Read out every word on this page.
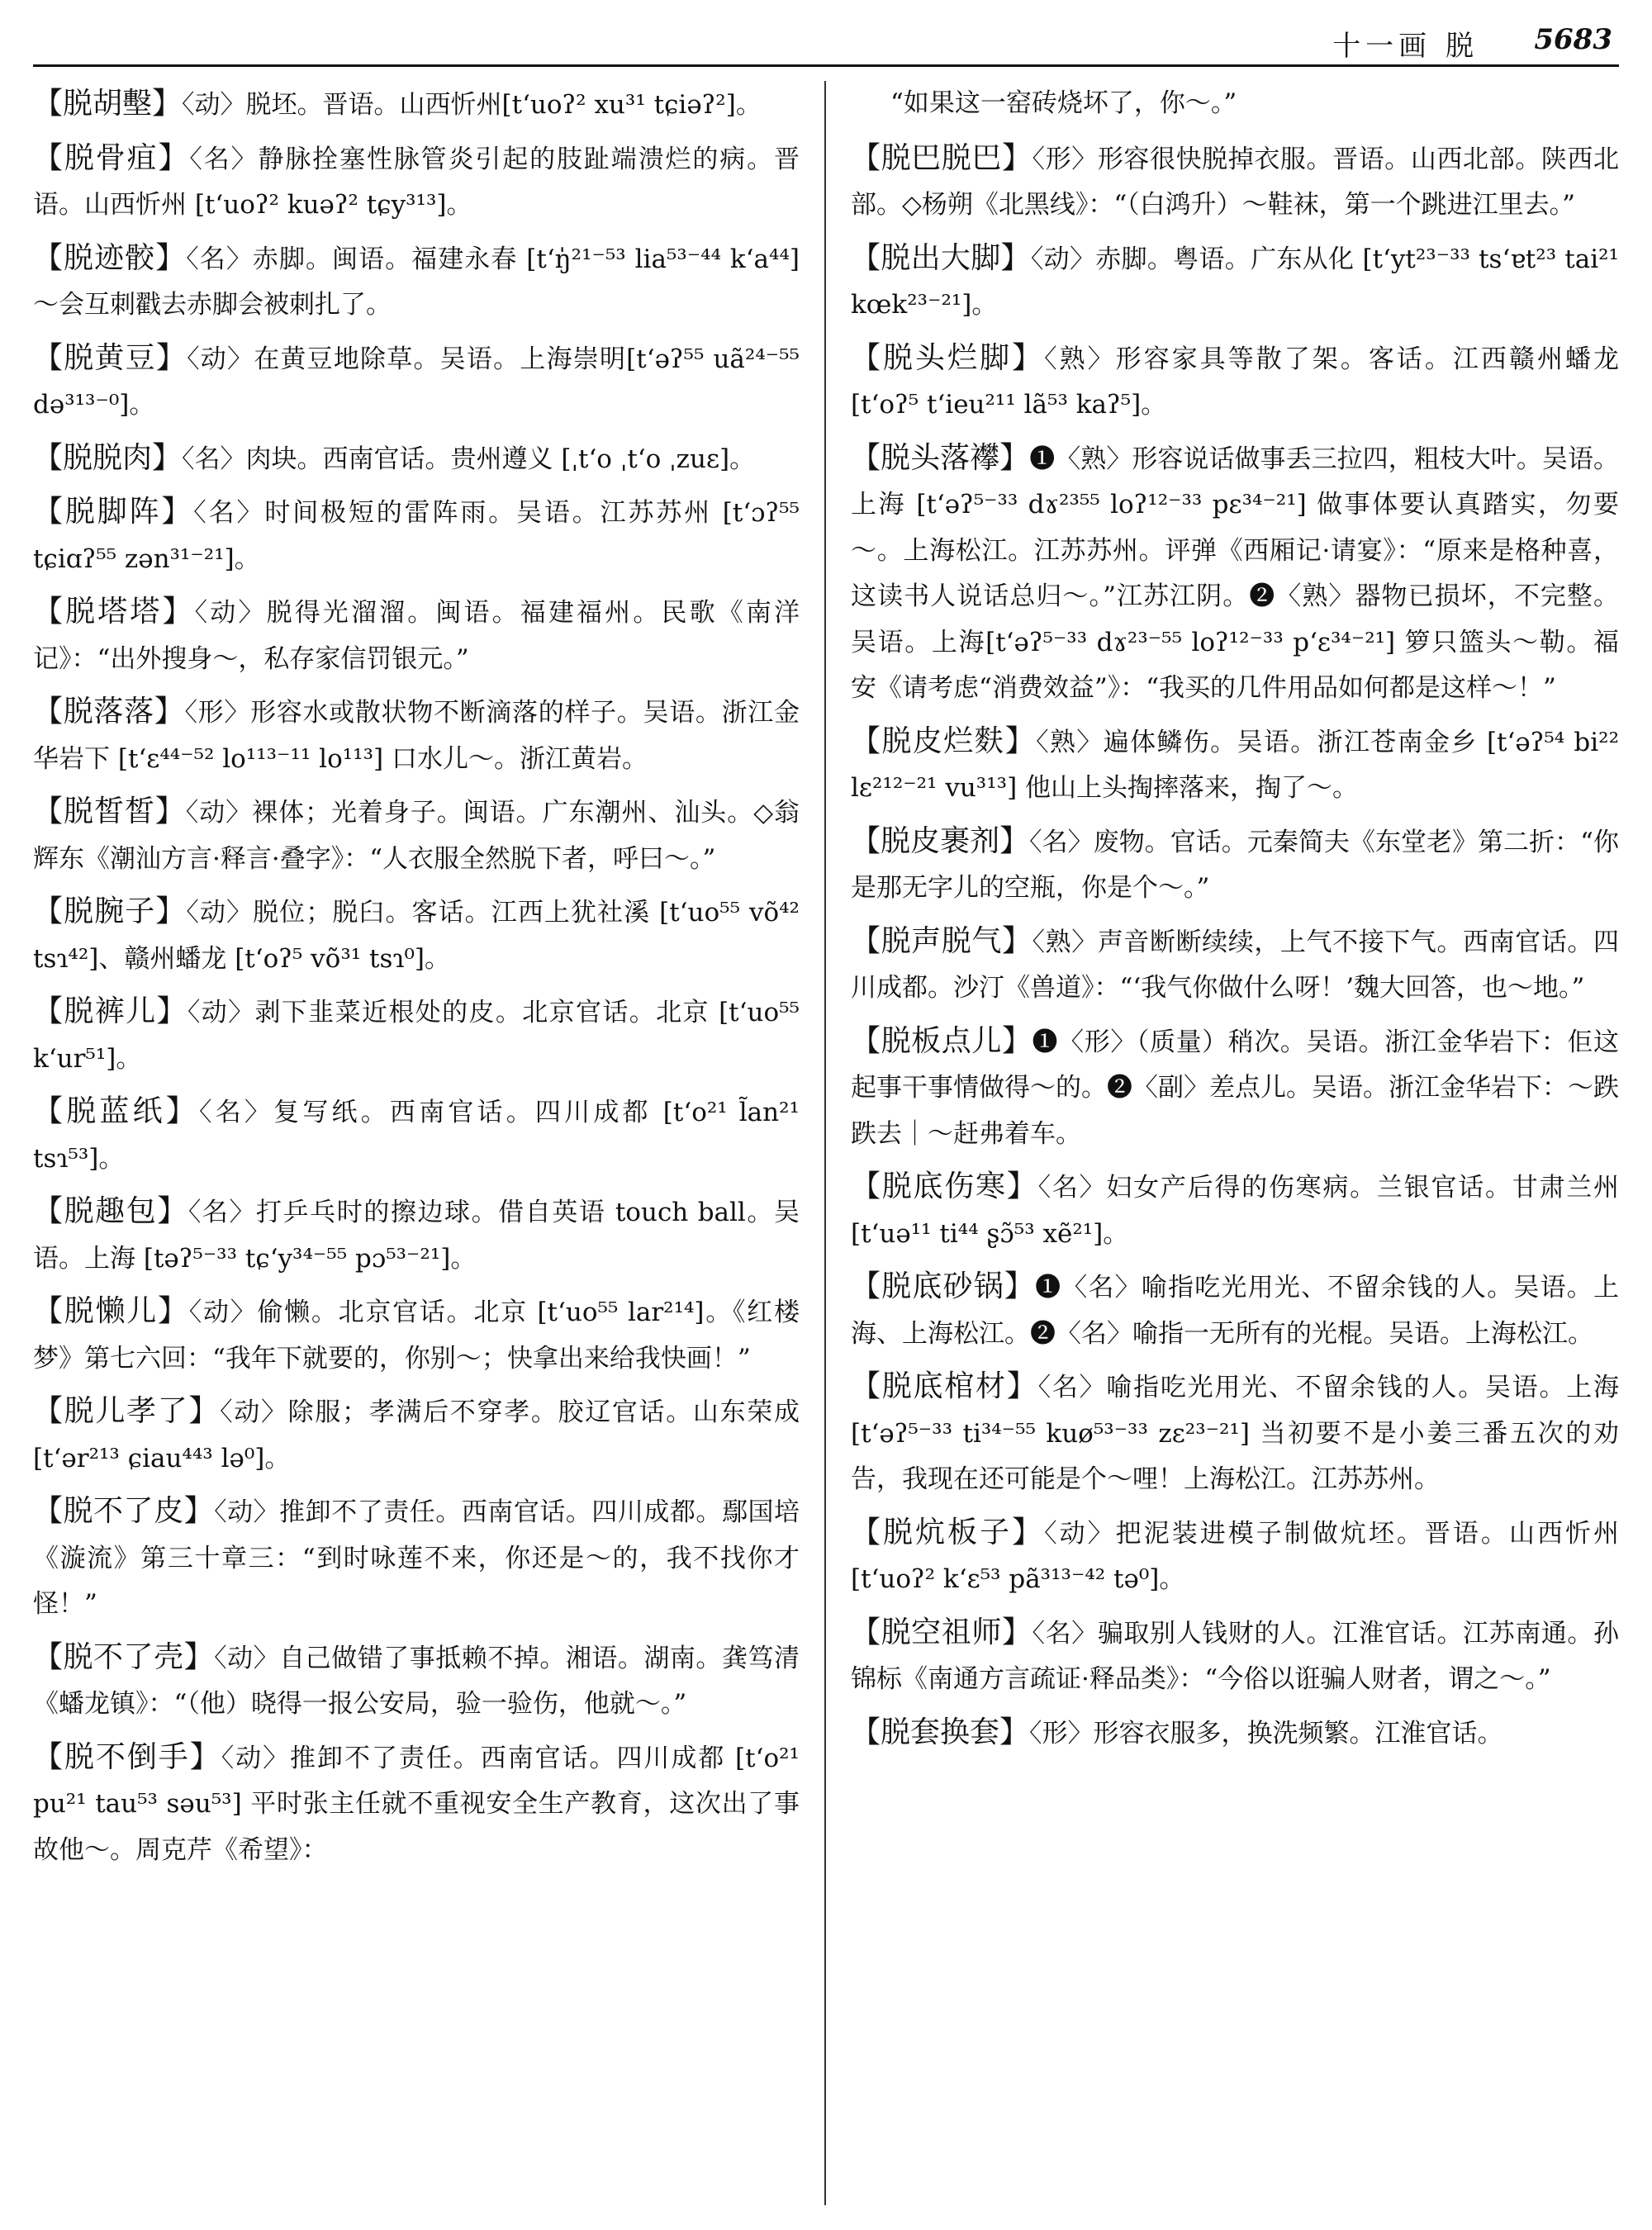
十一画 脱 5683

【脱胡墼】〈动〉脱坯。晋语。山西忻州[tʻuoʔ² xu³¹ tɕiəʔ²]。

【脱骨疽】〈名〉静脉拴塞性脉管炎引起的肢趾端溃烂的病。晋语。山西忻州 [tʻuoʔ² kuəʔ² tɕy³¹³]。

【脱迹骹】〈名〉赤脚。闽语。福建永春 [tʻŋ̍²¹⁻⁵³ lia⁵³⁻⁴⁴ kʻa⁴⁴]～会互刺戳去赤脚会被刺扎了。

【脱黄豆】〈动〉在黄豆地除草。吴语。上海崇明[tʻəʔ⁵⁵ uã²⁴⁻⁵⁵ də³¹³⁻⁰]。

【脱脱肉】〈名〉肉块。西南官话。贵州遵义 [ˌtʻo ˌtʻo ˌzuɛ]。

【脱脚阵】〈名〉时间极短的雷阵雨。吴语。江苏苏州 [tʻɔʔ⁵⁵ tɕiɑʔ⁵⁵ zən³¹⁻²¹]。

【脱塔塔】〈动〉脱得光溜溜。闽语。福建福州。民歌《南洋记》：“出外搜身～，私存家信罚银元。”

【脱落落】〈形〉形容水或散状物不断滴落的样子。吴语。浙江金华岩下 [tʻɛ⁴⁴⁻⁵² lo¹¹³⁻¹¹ lo¹¹³] 口水儿～。浙江黄岩。

【脱皙皙】〈动〉裸体；光着身子。闽语。广东潮州、汕头。◇翁辉东《潮汕方言·释言·叠字》：“人衣服全然脱下者，呼曰～。”

【脱腕子】〈动〉脱位；脱臼。客话。江西上犹社溪 [tʻuo⁵⁵ võ⁴² tsɿ⁴²]、赣州蟠龙 [tʻoʔ⁵ võ³¹ tsɿ⁰]。

【脱裤儿】〈动〉剥下韭菜近根处的皮。北京官话。北京 [tʻuo⁵⁵ kʻur⁵¹]。

【脱蓝纸】〈名〉复写纸。西南官话。四川成都 [tʻo²¹ l̃an²¹ tsɿ⁵³]。

【脱趣包】〈名〉打乒乓时的擦边球。借自英语 touch ball。吴语。上海 [təʔ⁵⁻³³ tɕʻy³⁴⁻⁵⁵ pɔ⁵³⁻²¹]。

【脱懒儿】〈动〉偷懒。北京官话。北京 [tʻuo⁵⁵ lar²¹⁴]。《红楼梦》第七六回：“我年下就要的，你别～；快拿出来给我快画！”

【脱儿孝了】〈动〉除服；孝满后不穿孝。胶辽官话。山东荣成 [tʻər²¹³ ɕiau⁴⁴³ lə⁰]。

【脱不了皮】〈动〉推卸不了责任。西南官话。四川成都。鄢国培《漩流》第三十章三：“到时咏莲不来，你还是～的，我不找你才怪！”

【脱不了壳】〈动〉自己做错了事抵赖不掉。湘语。湖南。龚笃清《蟠龙镇》：“（他）晓得一报公安局，验一验伤，他就～。”

【脱不倒手】〈动〉推卸不了责任。西南官话。四川成都 [tʻo²¹ pu²¹ tau⁵³ səu⁵³] 平时张主任就不重视安全生产教育，这次出了事故他～。周克芹《希望》：

“如果这一窑砖烧坏了，你～。”

【脱巴脱巴】〈形〉形容很快脱掉衣服。晋语。山西北部。陕西北部。◇杨朔《北黑线》：“（白鸿升）～鞋袜，第一个跳进江里去。”

【脱出大脚】〈动〉赤脚。粤语。广东从化 [tʻyt²³⁻³³ tsʻɐt²³ tai²¹ kœk²³⁻²¹]。

【脱头烂脚】〈熟〉形容家具等散了架。客话。江西赣州蟠龙 [tʻoʔ⁵ tʻieu²¹¹ lã⁵³ kaʔ⁵]。

【脱头落襻】❶〈熟〉形容说话做事丢三拉四，粗枝大叶。吴语。上海 [tʻəʔ⁵⁻³³ dɤ²³⁵⁵ loʔ¹²⁻³³ pɛ³⁴⁻²¹] 做事体要认真踏实，勿要～。上海松江。江苏苏州。评弹《西厢记·请宴》：“原来是格种喜，这读书人说话总归～。”江苏江阴。❷〈熟〉器物已损坏，不完整。吴语。上海[tʻəʔ⁵⁻³³ dɤ²³⁻⁵⁵ loʔ¹²⁻³³ pʻɛ³⁴⁻²¹] 箩只篮头～勒。福安《请考虑“消费效益”》：“我买的几件用品如何都是这样～！”

【脱皮烂麩】〈熟〉遍体鳞伤。吴语。浙江苍南金乡 [tʻəʔ⁵⁴ bi²² lɛ²¹²⁻²¹ vu³¹³] 他山上头掏摔落来，掏了～。

【脱皮裹剂】〈名〉废物。官话。元秦简夫《东堂老》第二折：“你是那无字儿的空瓶，你是个～。”

【脱声脱气】〈熟〉声音断断续续，上气不接下气。西南官话。四川成都。沙汀《兽道》：“‘我气你做什么呀！’魏大回答，也～地。”

【脱板点儿】❶〈形〉（质量）稍次。吴语。浙江金华岩下：佢这起事干事情做得～的。❷〈副〉差点儿。吴语。浙江金华岩下：～跌跌去｜～赶弗着车。

【脱底伤寒】〈名〉妇女产后得的伤寒病。兰银官话。甘肃兰州 [tʻuə¹¹ ti⁴⁴ ʂɔ̃⁵³ xẽ²¹]。

【脱底砂锅】❶〈名〉喻指吃光用光、不留余钱的人。吴语。上海、上海松江。❷〈名〉喻指一无所有的光棍。吴语。上海松江。

【脱底棺材】〈名〉喻指吃光用光、不留余钱的人。吴语。上海[tʻəʔ⁵⁻³³ ti³⁴⁻⁵⁵ kuø⁵³⁻³³ zɛ²³⁻²¹] 当初要不是小姜三番五次的劝告，我现在还可能是个～哩！上海松江。江苏苏州。

【脱炕板子】〈动〉把泥装进模子制做炕坯。晋语。山西忻州 [tʻuoʔ² kʻɛ⁵³ pã³¹³⁻⁴² tə⁰]。

【脱空祖师】〈名〉骗取别人钱财的人。江淮官话。江苏南通。孙锦标《南通方言疏证·释品类》：“今俗以诳骗人财者，谓之～。”

【脱套换套】〈形〉形容衣服多，换洗频繁。江淮官话。
